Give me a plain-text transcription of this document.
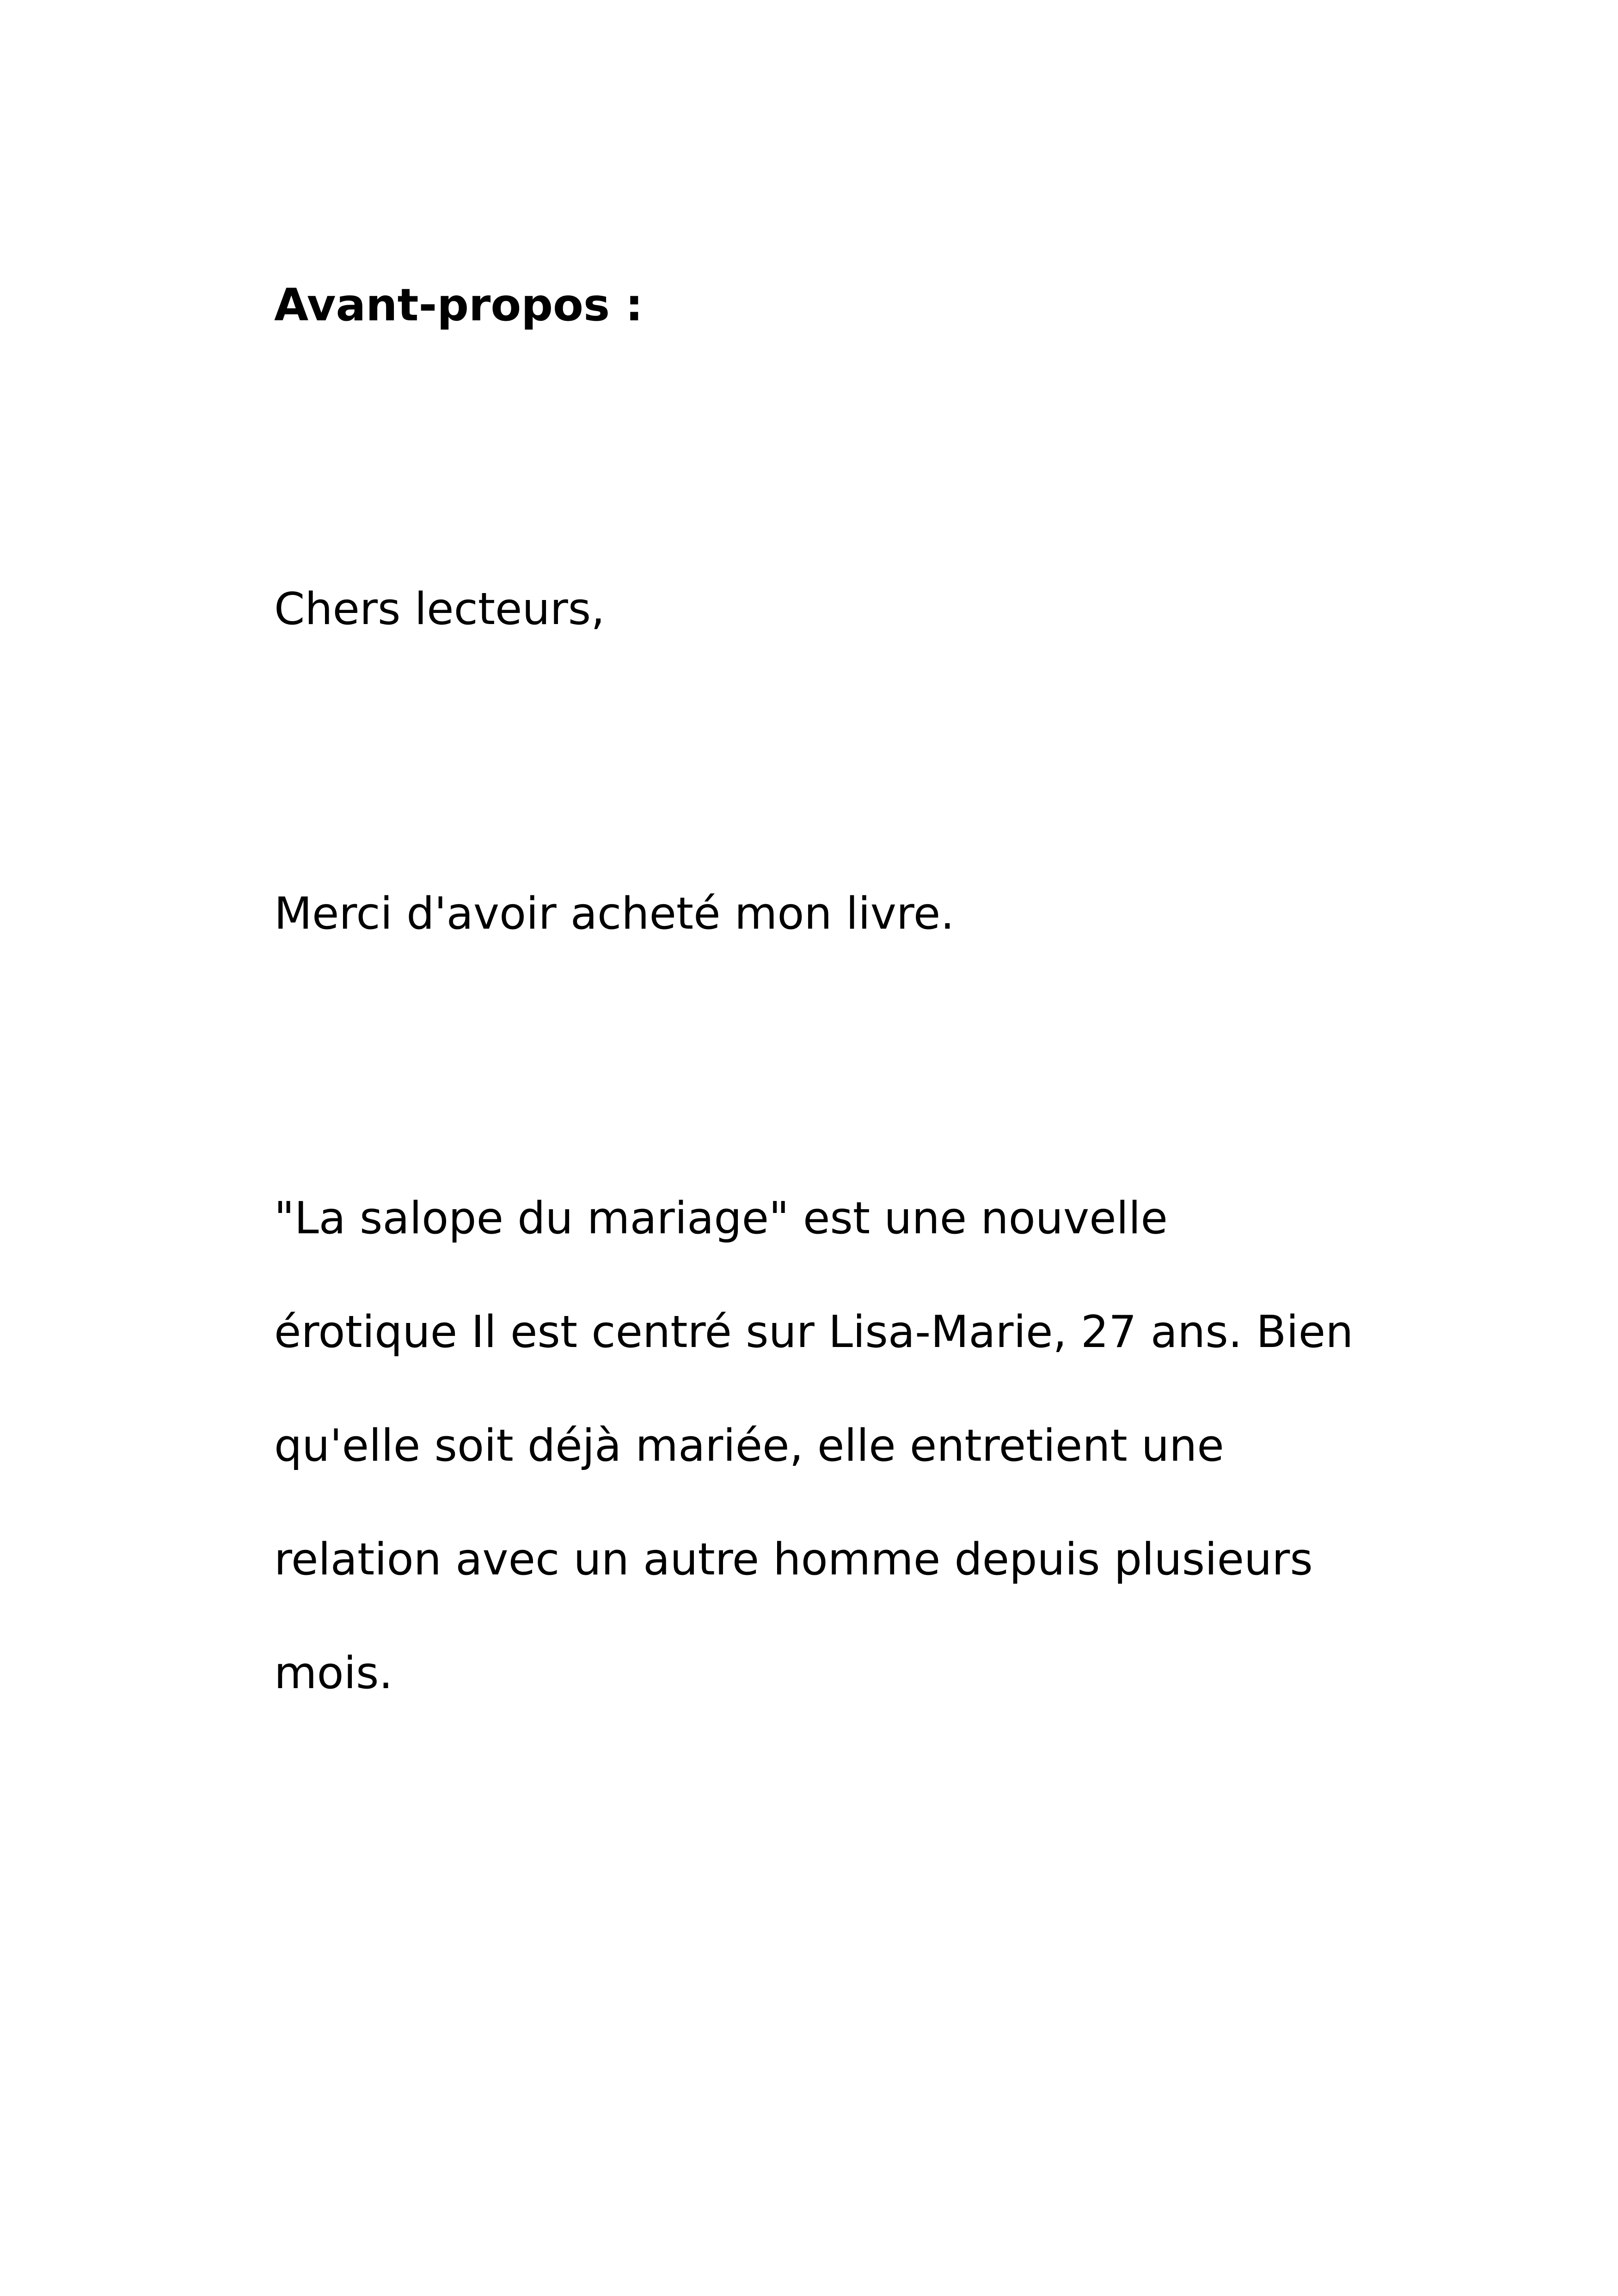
Avant-propos :

Chers lecteurs,

Merci d'avoir acheté mon livre.

"La salope du mariage" est une nouvelle

érotique Il est centré sur Lisa-Marie, 27 ans. Bien

qu'elle soit déjà mariée, elle entretient une

relation avec un autre homme depuis plusieurs

mois.
